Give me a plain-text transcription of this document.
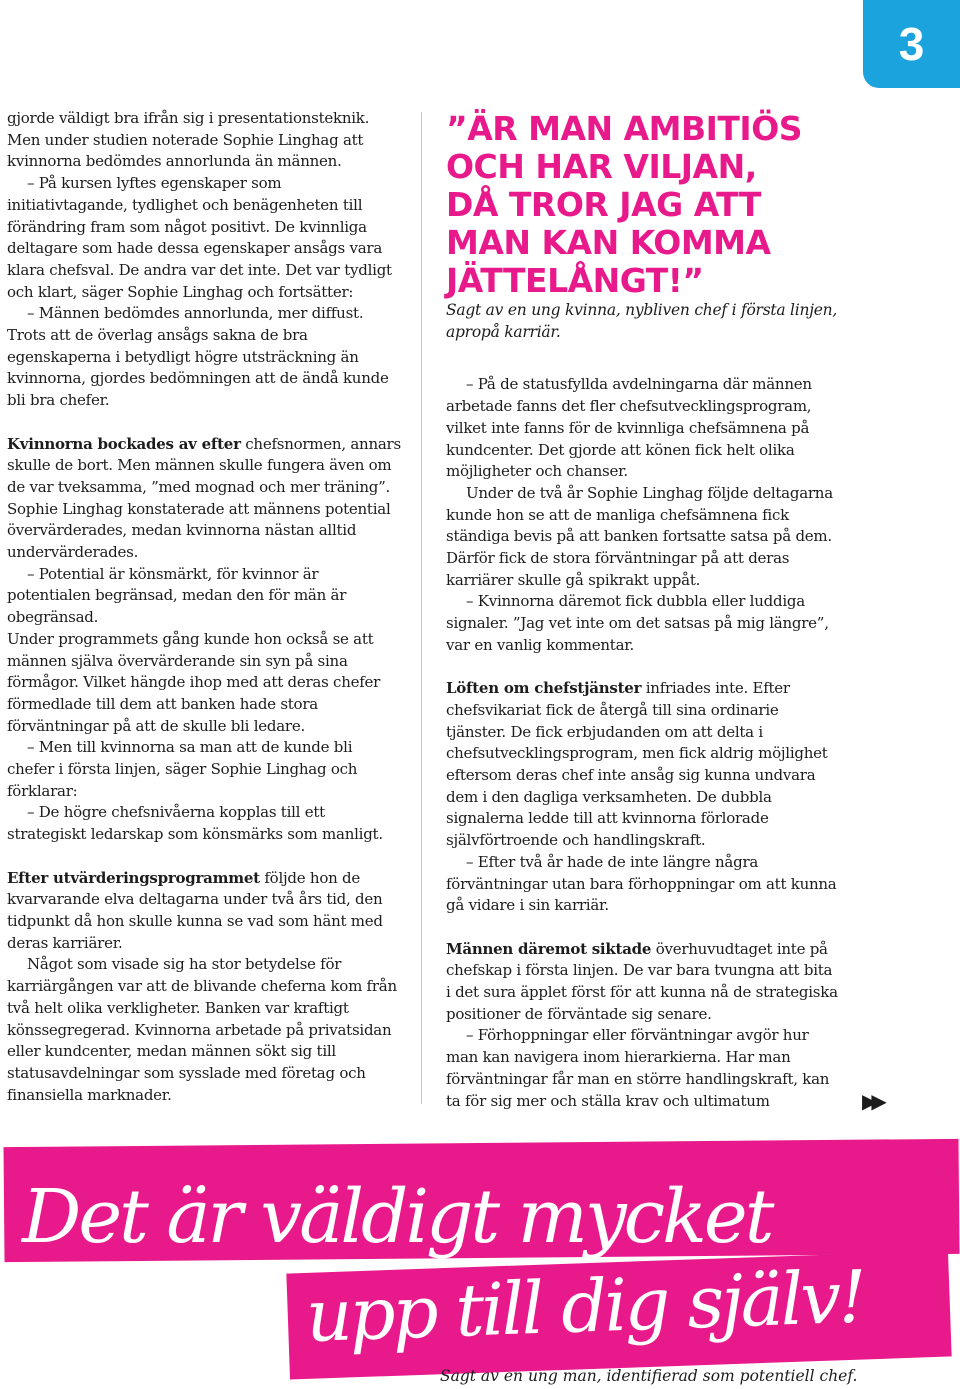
3

gjorde väldigt bra ifrån sig i presentationsteknik. Men under studien noterade Sophie Linghag att kvinnorna bedömdes annorlunda än männen.

– På kursen lyftes egenskaper som initiativtagande, tydlighet och benägenheten till förändring fram som något positivt. De kvinnliga deltagare som hade dessa egenskaper ansågs vara klara chefsval. De andra var det inte. Det var tydligt och klart, säger Sophie Linghag och fortsätter:

– Männen bedömdes annorlunda, mer diffust. Trots att de överlag ansågs sakna de bra egenskaperna i betydligt högre utsträckning än kvinnorna, gjordes bedömningen att de ändå kunde bli bra chefer.

Kvinnorna bockades av efter chefsnormen, annars skulle de bort. Men männen skulle fungera även om de var tveksamma, ”med mognad och mer träning”. Sophie Linghag konstaterade att männens potential övervärderades, medan kvinnorna nästan alltid undervärderades.

– Potential är könsmärkt, för kvinnor är potentialen begränsad, medan den för män är obegränsad.

Under programmets gång kunde hon också se att männen själva övervärderande sin syn på sina förmågor. Vilket hängde ihop med att deras chefer förmedlade till dem att banken hade stora förväntningar på att de skulle bli ledare.

– Men till kvinnorna sa man att de kunde bli chefer i första linjen, säger Sophie Linghag och förklarar:

– De högre chefsnivåerna kopplas till ett strategiskt ledarskap som könsmärks som manligt.

Efter utvärderingsprogrammet följde hon de kvarvarande elva deltagarna under två års tid, den tidpunkt då hon skulle kunna se vad som hänt med deras karriärer.

Något som visade sig ha stor betydelse för karriärgången var att de blivande cheferna kom från två helt olika verkligheter. Banken var kraftigt könssegregerad. Kvinnorna arbetade på privatsidan eller kundcenter, medan männen sökt sig till statusavdelningar som sysslade med företag och finansiella marknader.

”ÄR MAN AMBITIÖS
OCH HAR VILJAN,
DÅ TROR JAG ATT
MAN KAN KOMMA
JÄTTELÅNGT!”

Sagt av en ung kvinna, nybliven chef i första linjen, apropå karriär.

– På de statusfyllda avdelningarna där männen arbetade fanns det fler chefsutvecklingsprogram, vilket inte fanns för de kvinnliga chefsämnena på kundcenter. Det gjorde att könen fick helt olika möjligheter och chanser.

Under de två år Sophie Linghag följde deltagarna kunde hon se att de manliga chefsämnena fick ständiga bevis på att banken fortsatte satsa på dem. Därför fick de stora förväntningar på att deras karriärer skulle gå spikrakt uppåt.

– Kvinnorna däremot fick dubbla eller luddiga signaler. ”Jag vet inte om det satsas på mig längre”, var en vanlig kommentar.

Löften om chefstjänster infriades inte. Efter chefsvikariat fick de återgå till sina ordinarie tjänster. De fick erbjudanden om att delta i chefsutvecklingsprogram, men fick aldrig möjlighet eftersom deras chef inte ansåg sig kunna undvara dem i den dagliga verksamheten. De dubbla signalerna ledde till att kvinnorna förlorade självförtroende och handlingskraft.

– Efter två år hade de inte längre några förväntningar utan bara förhoppningar om att kunna gå vidare i sin karriär.

Männen däremot siktade överhuvudtaget inte på chefskap i första linjen. De var bara tvungna att bita i det sura äpplet först för att kunna nå de strategiska positioner de förväntade sig senare.

– Förhoppningar eller förväntningar avgör hur man kan navigera inom hierarkierna. Har man förväntningar får man en större handlingskraft, kan ta för sig mer och ställa krav och ultimatum	▶▶
Det är väldigt mycket
upp till dig själv!
Sagt av en ung man, identifierad som potentiell chef.
